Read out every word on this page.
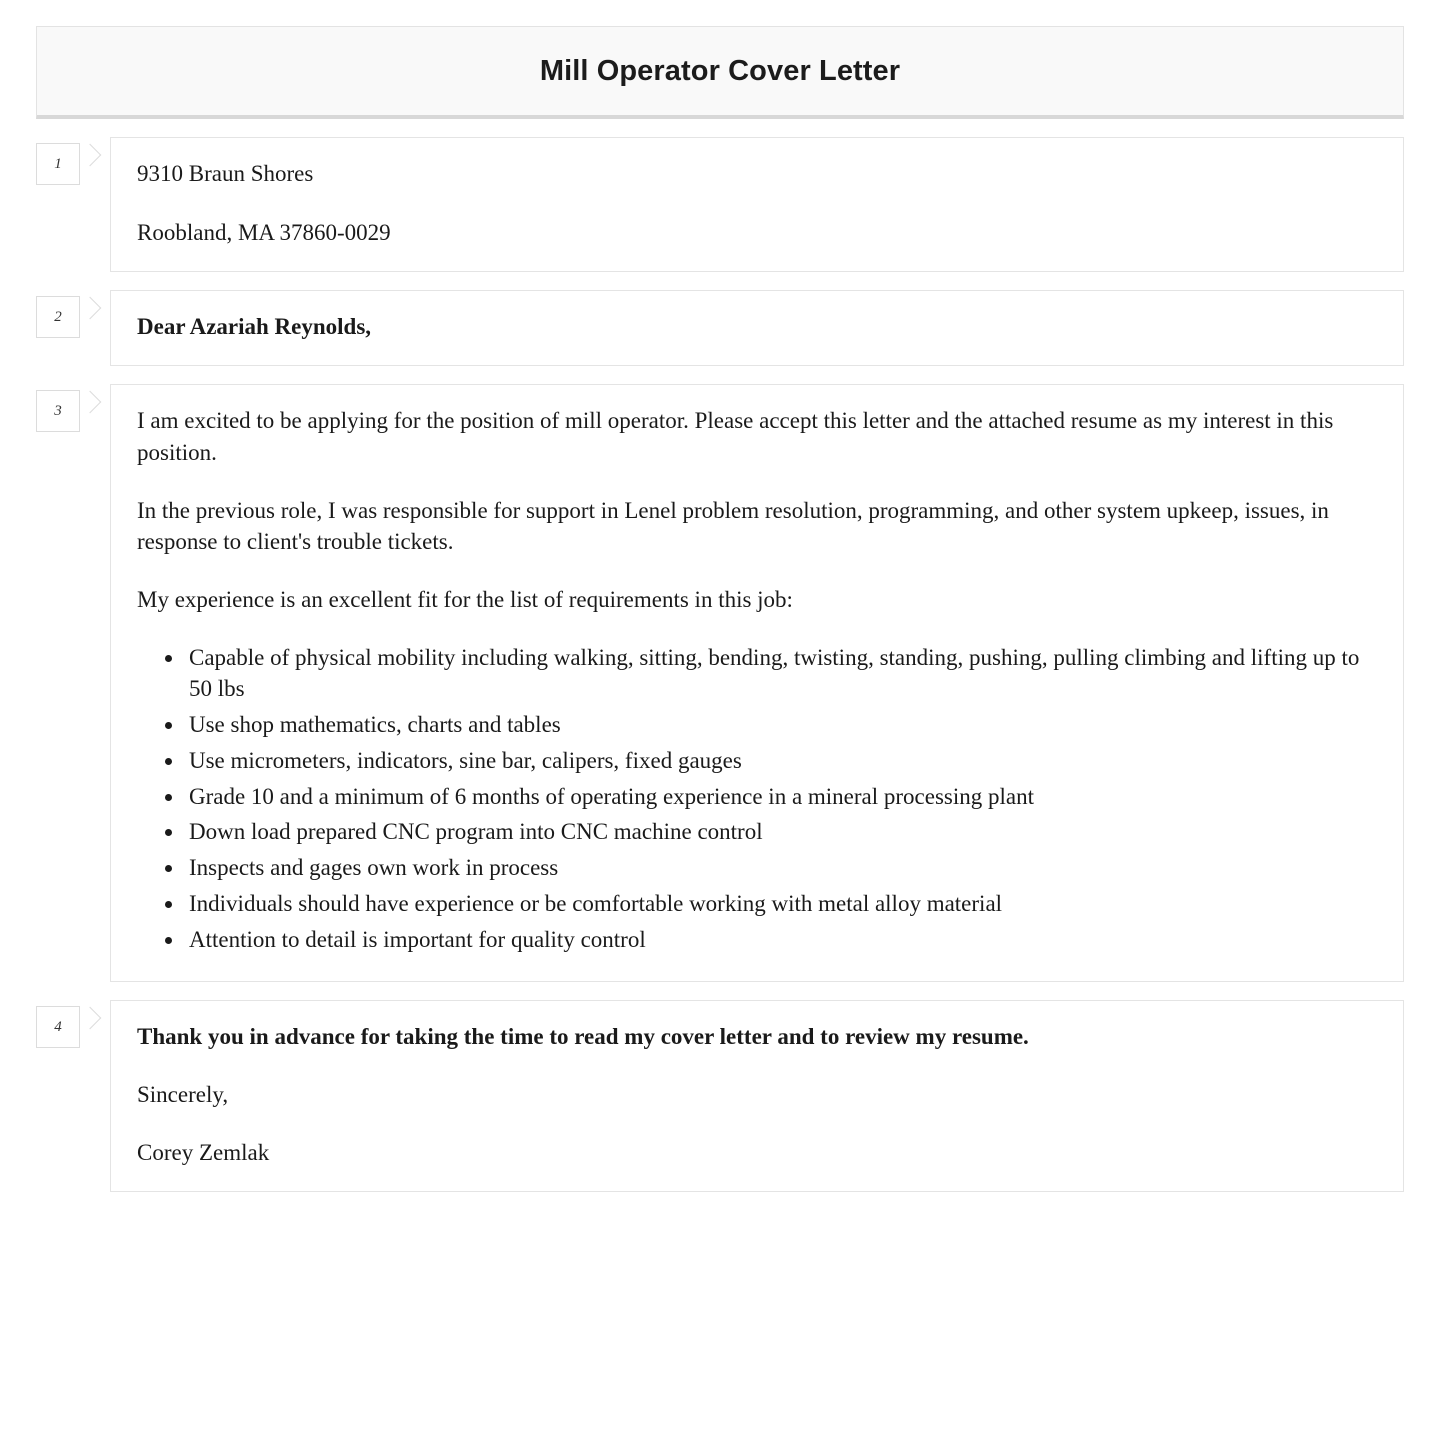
Mill Operator Cover Letter
1	9310 Braun Shores

Roobland, MA 37860-0029

2	Dear Azariah Reynolds,

3	I am excited to be applying for the position of mill operator. Please accept this letter and the attached resume as my interest in this position.

In the previous role, I was responsible for support in Lenel problem resolution, programming, and other system upkeep, issues, in response to client's trouble tickets.

My experience is an excellent fit for the list of requirements in this job:

• Capable of physical mobility including walking, sitting, bending, twisting, standing, pushing, pulling climbing and lifting up to 50 lbs
• Use shop mathematics, charts and tables
• Use micrometers, indicators, sine bar, calipers, fixed gauges
• Grade 10 and a minimum of 6 months of operating experience in a mineral processing plant
• Down load prepared CNC program into CNC machine control
• Inspects and gages own work in process
• Individuals should have experience or be comfortable working with metal alloy material
• Attention to detail is important for quality control
4	Thank you in advance for taking the time to read my cover letter and to review my resume.

Sincerely,

Corey Zemlak
